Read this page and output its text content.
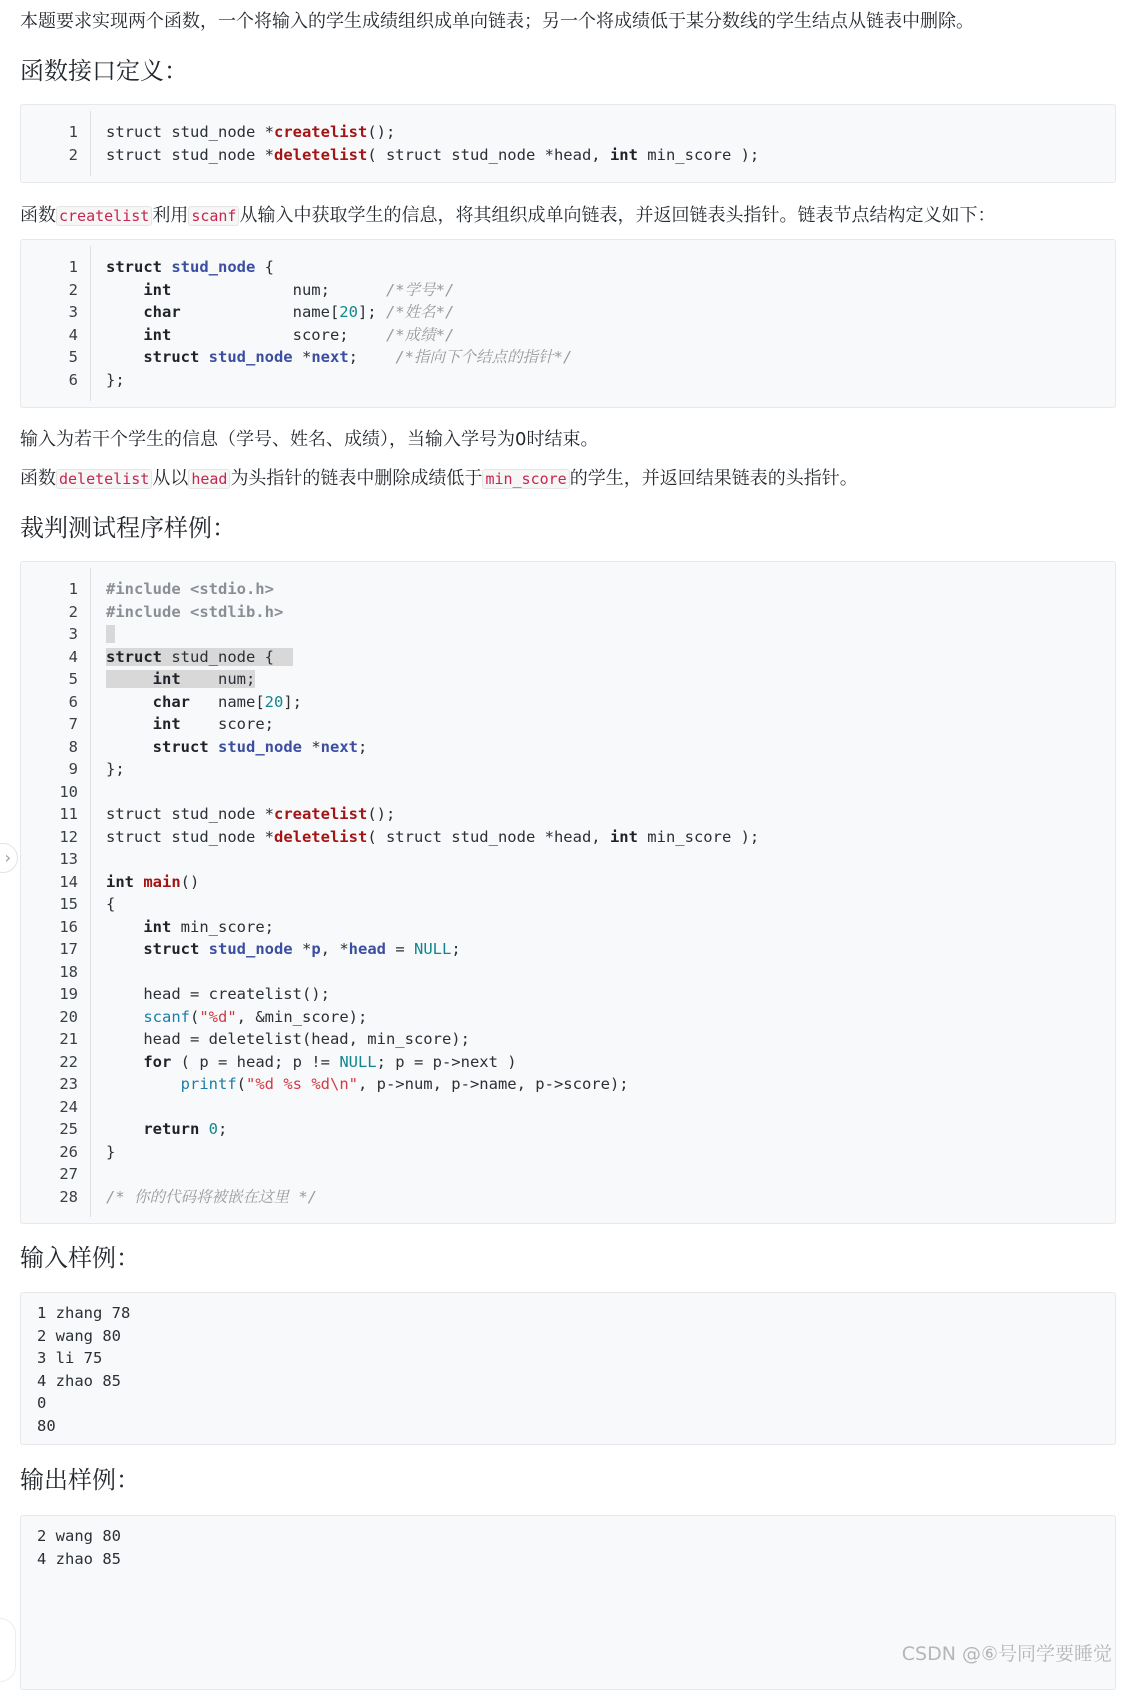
本题要求实现两个函数，一个将输入的学生成绩组织成单向链表；另一个将成绩低于某分数线的学生结点从链表中删除。
函数接口定义：
1 struct stud_node *createlist();
2 struct stud_node *deletelist( struct stud_node *head, int min_score );
函数 createlist 利用 scanf 从输入中获取学生的信息，将其组织成单向链表，并返回链表头指针。链表节点结构定义如下：
1 struct stud_node {
2	int             num;      /*学号*/
3	char            name[20]; /*姓名*/
4	int             score;    /*成绩*/
5	struct stud_node *next;    /*指向下个结点的指针*/
6 };
输入为若干个学生的信息（学号、姓名、成绩），当输入学号为0时结束。
函数 deletelist 从以 head 为头指针的链表中删除成绩低于 min_score 的学生，并返回结果链表的头指针。
裁判测试程序样例：
1 #include <stdio.h>
2 #include <stdlib.h>
3

4 struct stud_node {
5	int    num;
6	char   name[20];
7	int    score;
8	struct stud_node *next;
9 };
10
11 struct stud_node *createlist();
12 struct stud_node *deletelist( struct stud_node *head, int min_score );
13
14 int main()
15 {
16	int min_score;
17	struct stud_node *p, *head = NULL;
18
19 head = createlist();
20	scanf("%d", &min_score);
21 head = deletelist(head, min_score);
22	for ( p = head; p != NULL; p = p->next )
23	printf("%d %s %d\n", p->num, p->name, p->score);
24
25	return 0;
26 }
27
28 /* 你的代码将被嵌在这里 */
输入样例：
1 zhang 78
2 wang 80
3 li 75
4 zhao 85
0
80
输出样例：
2 wang 80
4 zhao 85
›
CSDN @⑥号同学要睡觉
